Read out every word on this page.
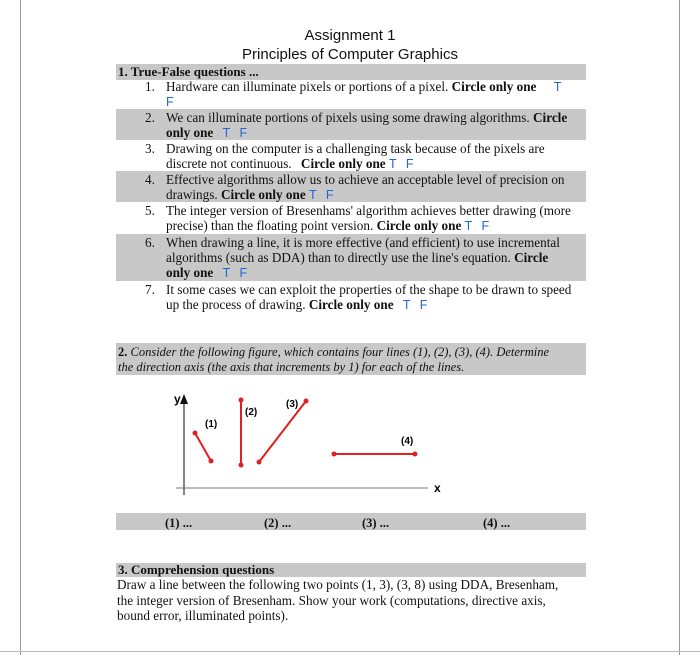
Assignment 1
Principles of Computer Graphics
1. True-False questions ...
1. Hardware can illuminate pixels or portions of a pixel. Circle only one T
F
2. We can illuminate portions of pixels using some drawing algorithms. Circle
only one T F
3. Drawing on the computer is a challenging task because of the pixels are
discrete not continuous. Circle only one T F
4. Effective algorithms allow us to achieve an acceptable level of precision on
drawings. Circle only one T F
5. The integer version of Bresenhams' algorithm achieves better drawing (more
precise) than the floating point version. Circle only one T F
6. When drawing a line, it is more effective (and efficient) to use incremental
algorithms (such as DDA) than to directly use the line's equation. Circle
only one T F
7. It some cases we can exploit the properties of the shape to be drawn to speed
up the process of drawing. Circle only one T F
2. Consider the following figure, which contains four lines (1), (2), (3), (4). Determine
the direction axis (the axis that increments by 1) for each of the lines.
y
x
(1)
(2)
(3)
(4)
(1) ...	(2) ...	(3) ...	(4) ...
3. Comprehension questions
Draw a line between the following two points (1, 3), (3, 8) using DDA, Bresenham,
the integer version of Bresenham. Show your work (computations, directive axis,
bound error, illuminated points).
